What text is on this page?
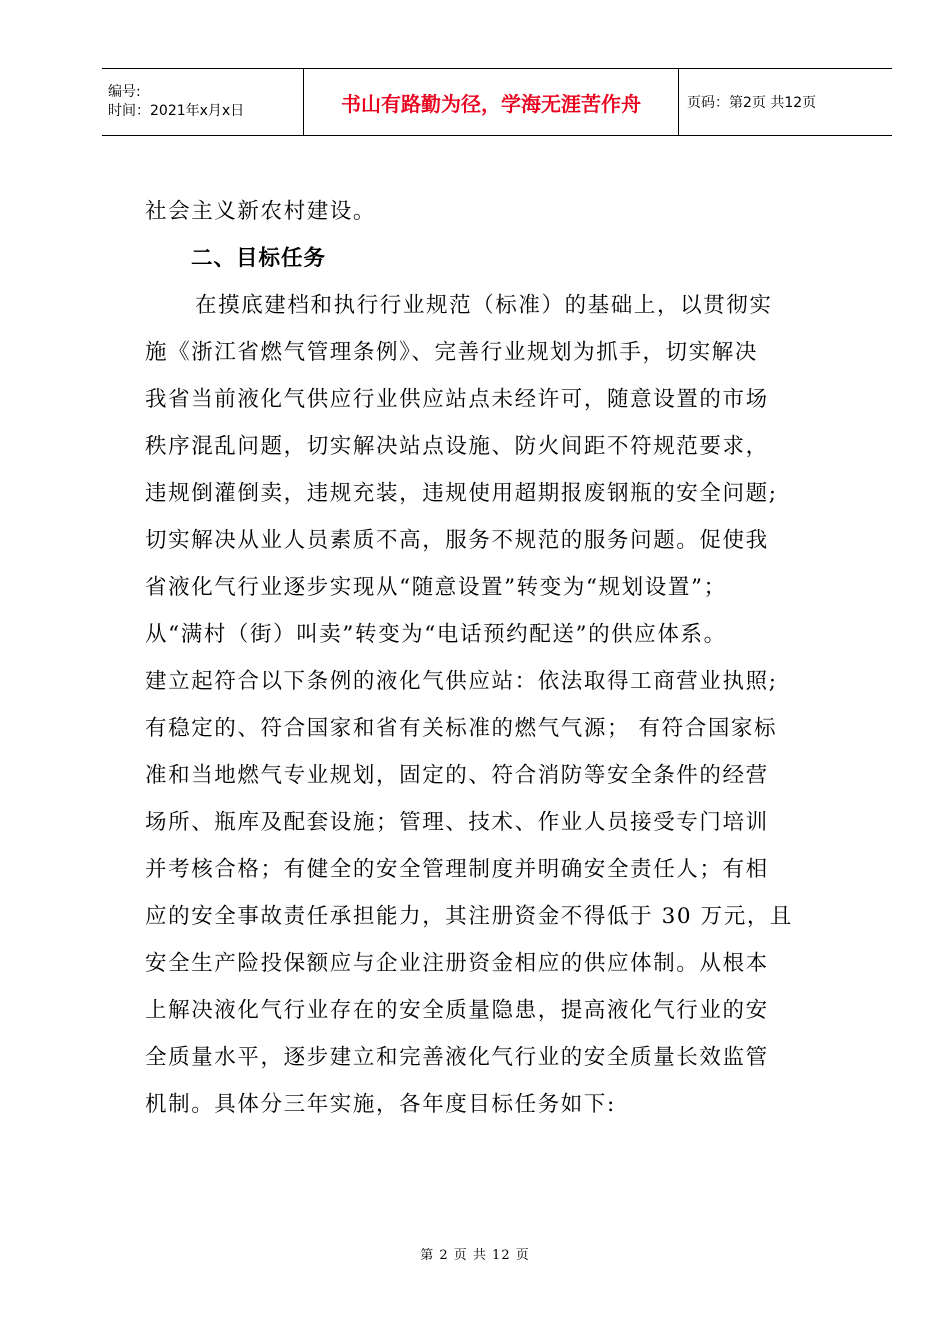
编号:
时间：2021年x月x日	书山有路勤为径，学海无涯苦作舟	页码：第2页 共12页

社会主义新农村建设。

二、目标任务

在摸底建档和执行行业规范（标准）的基础上，以贯彻实

施《浙江省燃气管理条例》、完善行业规划为抓手，切实解决

我省当前液化气供应行业供应站点未经许可，随意设置的市场

秩序混乱问题，切实解决站点设施、防火间距不符规范要求，

违规倒灌倒卖，违规充装，违规使用超期报废钢瓶的安全问题;

切实解决从业人员素质不高，服务不规范的服务问题。促使我

省液化气行业逐步实现从“随意设置”转变为“规划设置”；

从“满村（街）叫卖”转变为“电话预约配送”的供应体系。

建立起符合以下条例的液化气供应站：依法取得工商营业执照;

有稳定的、符合国家和省有关标准的燃气气源； 有符合国家标

准和当地燃气专业规划，固定的、符合消防等安全条件的经营

场所、瓶库及配套设施；管理、技术、作业人员接受专门培训

并考核合格；有健全的安全管理制度并明确安全责任人；有相

应的安全事故责任承担能力，其注册资金不得低于 30 万元，且

安全生产险投保额应与企业注册资金相应的供应体制。从根本

上解决液化气行业存在的安全质量隐患，提高液化气行业的安

全质量水平，逐步建立和完善液化气行业的安全质量长效监管

机制。具体分三年实施，各年度目标任务如下:

第 2 页 共 12 页
